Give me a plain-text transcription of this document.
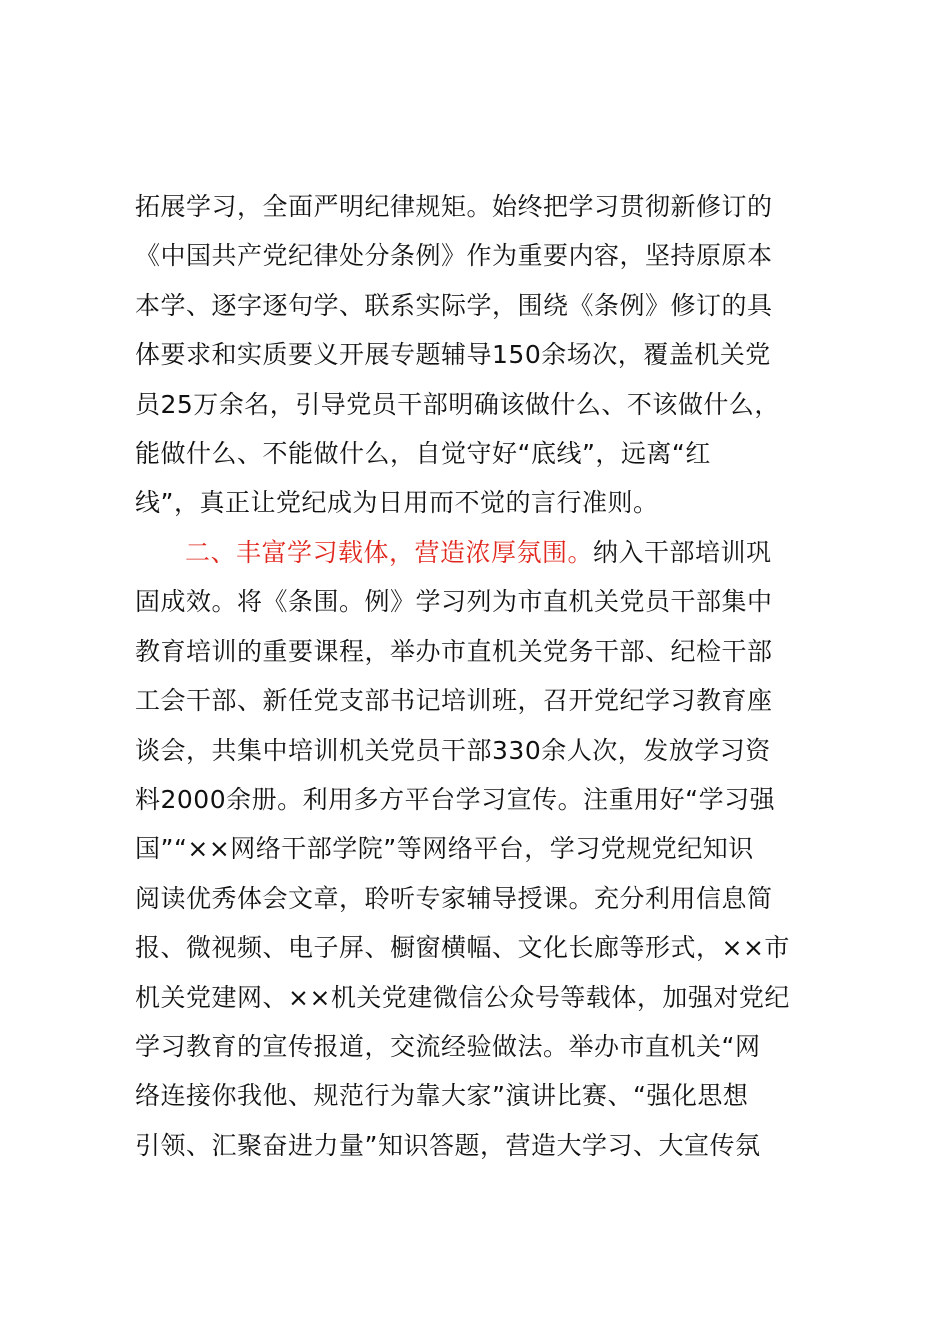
拓展学习，全面严明纪律规矩。始终把学习贯彻新修订的
《中国共产党纪律处分条例》作为重要内容，坚持原原本
本学、逐字逐句学、联系实际学，围绕《条例》修订的具
体要求和实质要义开展专题辅导150余场次，覆盖机关党
员25万余名，引导党员干部明确该做什么、不该做什么，
能做什么、不能做什么，自觉守好“底线”，远离“红
线”，真正让党纪成为日用而不觉的言行准则。
二、丰富学习载体，营造浓厚氛围。纳入干部培训巩
固成效。将《条围。例》学习列为市直机关党员干部集中
教育培训的重要课程，举办市直机关党务干部、纪检干部
工会干部、新任党支部书记培训班，召开党纪学习教育座
谈会，共集中培训机关党员干部330余人次，发放学习资
料2000余册。利用多方平台学习宣传。注重用好“学习强
国”“××网络干部学院”等网络平台，学习党规党纪知识
阅读优秀体会文章，聆听专家辅导授课。充分利用信息简
报、微视频、电子屏、橱窗横幅、文化长廊等形式，××市
机关党建网、××机关党建微信公众号等载体，加强对党纪
学习教育的宣传报道，交流经验做法。举办市直机关“网
络连接你我他、规范行为靠大家”演讲比赛、“强化思想
引领、汇聚奋进力量”知识答题，营造大学习、大宣传氛
